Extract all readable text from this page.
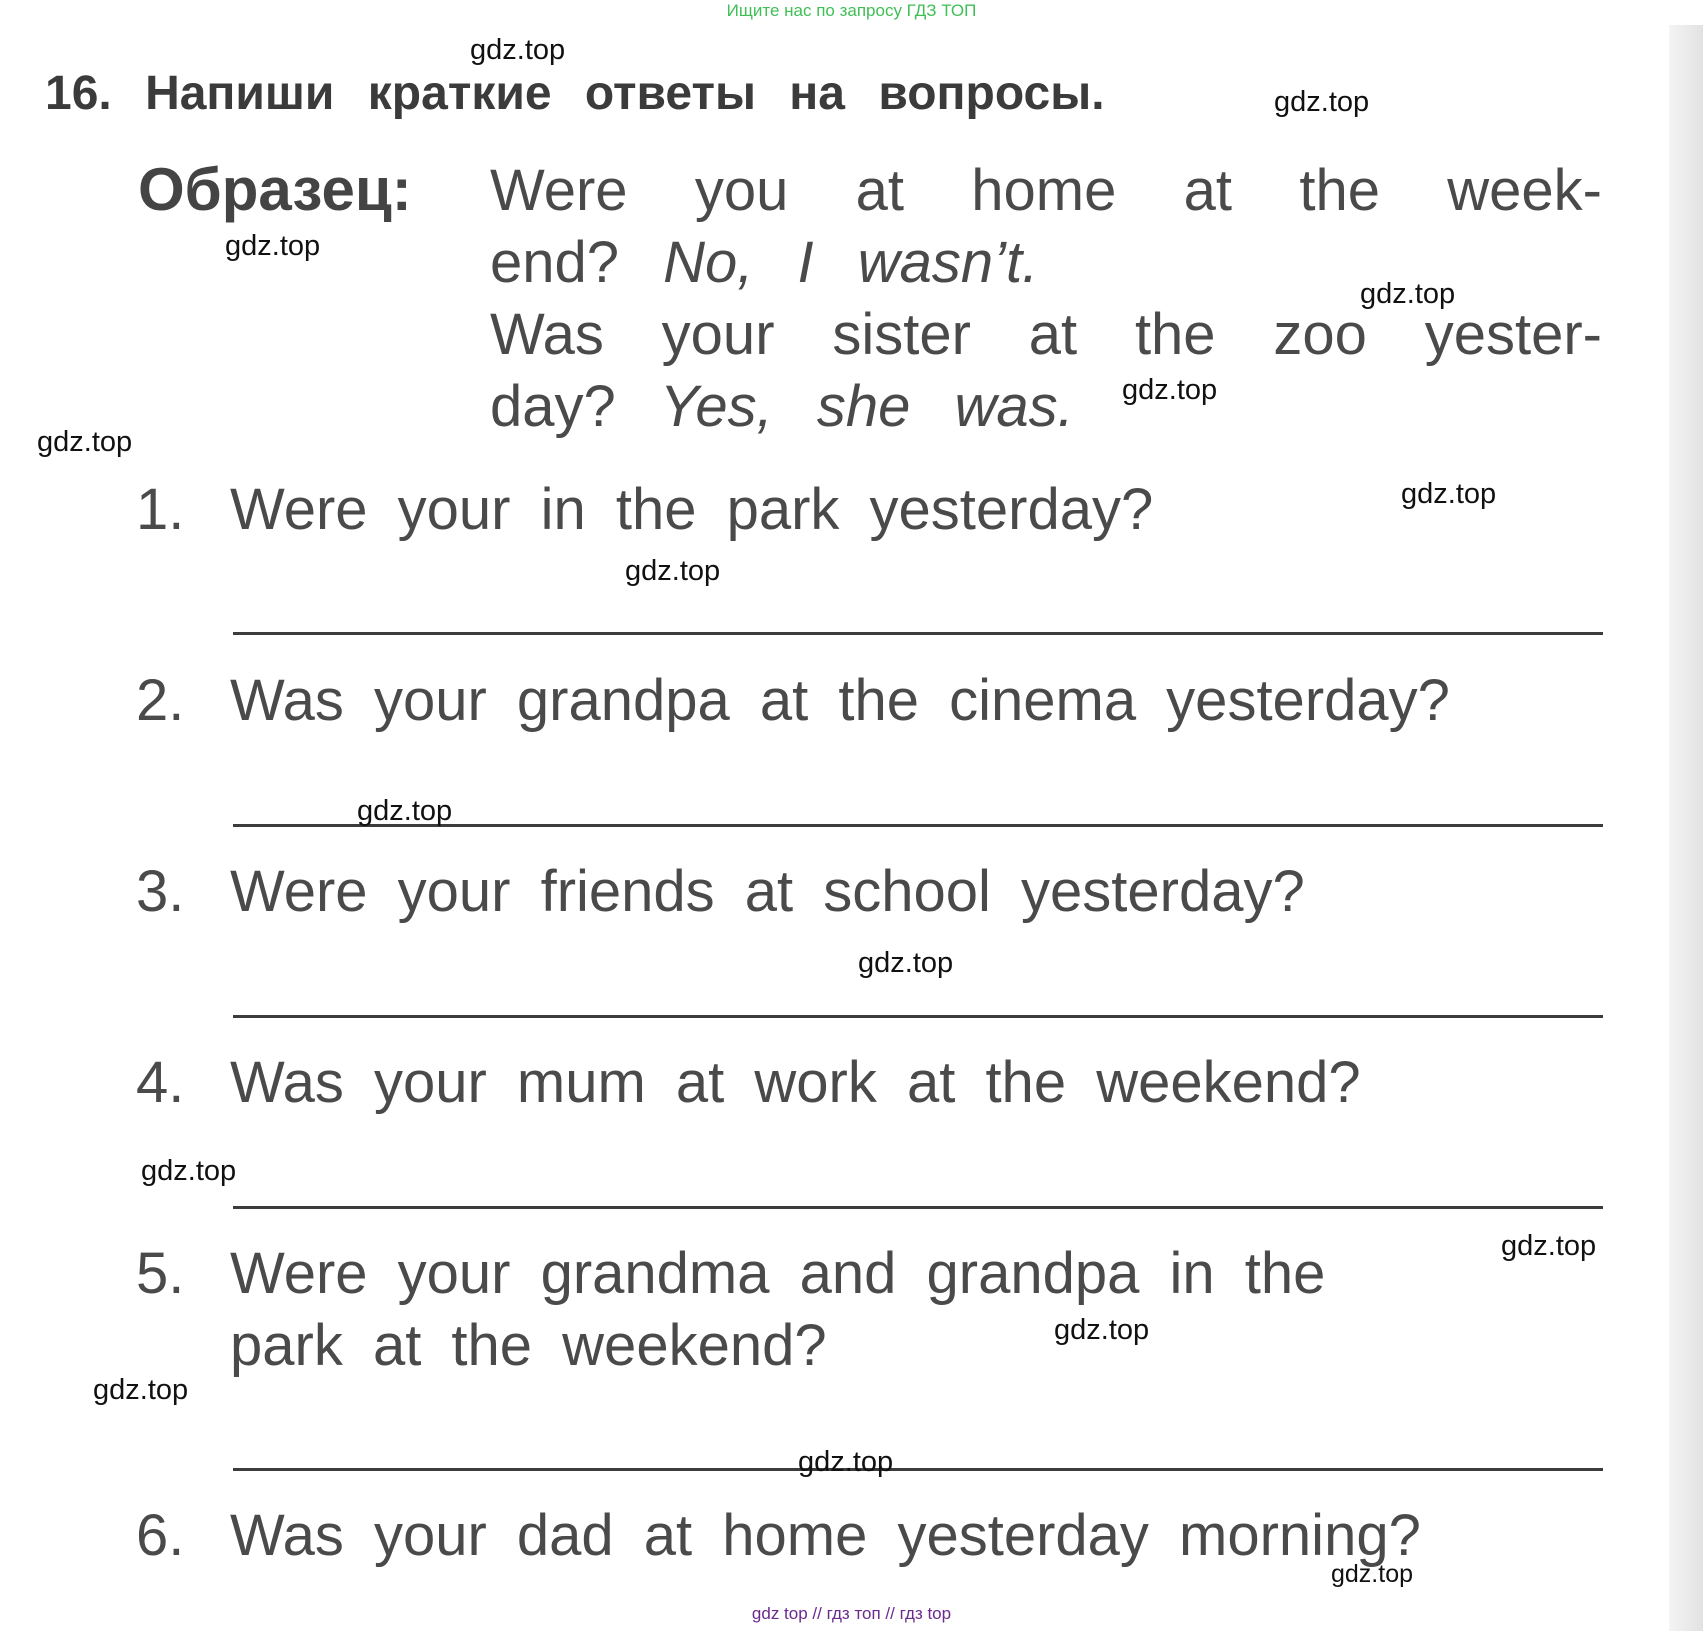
Ищите нас по запросу ГДЗ ТОП
16. Напиши краткие ответы на вопросы.
Образец: Were you at home at the week-
end? No, I wasn’t.
Was your sister at the zoo yester-
day? Yes, she was.
1. Were your in the park yesterday?
2. Was your grandpa at the cinema yesterday?
3. Were your friends at school yesterday?
4. Was your mum at work at the weekend?
5. Were your grandma and grandpa in the
park at the weekend?
6. Was your dad at home yesterday morning?
gdz.top
gdz.top
gdz.top
gdz.top
gdz.top
gdz.top
gdz.top
gdz.top
gdz.top
gdz.top
gdz.top
gdz.top
gdz.top
gdz.top
gdz.top
gdz.top
gdz top // гдз топ // гдз top
